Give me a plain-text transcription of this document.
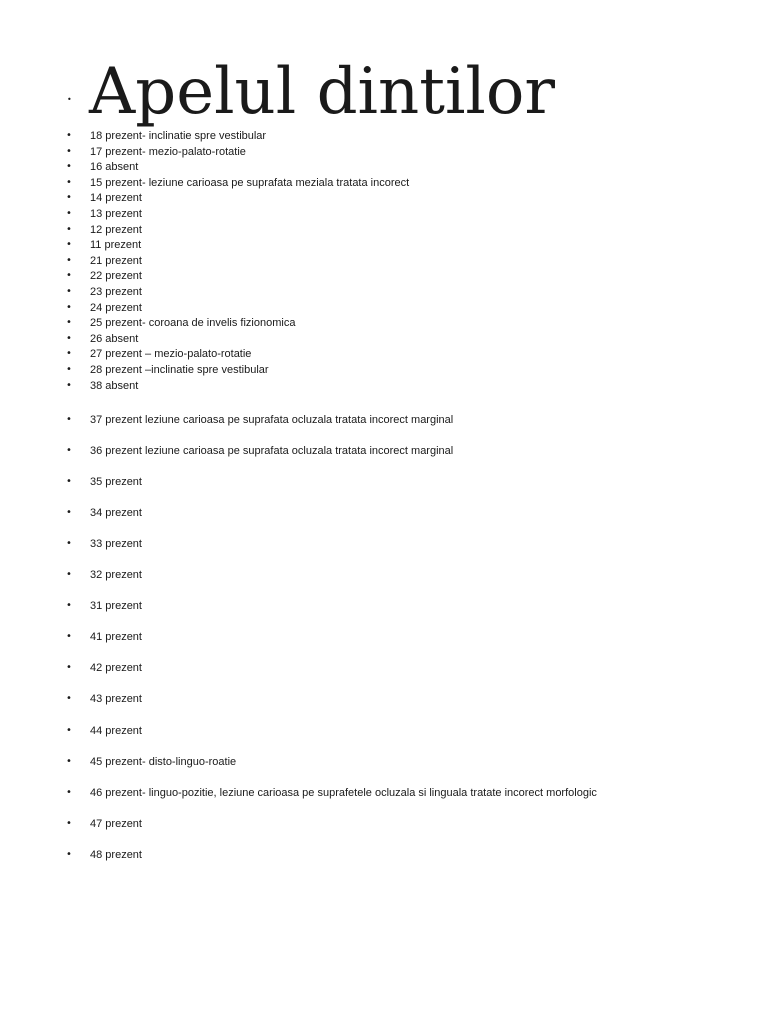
• Apelul dintilor
• 18 prezent- inclinatie spre vestibular
• 17 prezent- mezio-palato-rotatie
• 16 absent
• 15 prezent- leziune carioasa pe suprafata meziala tratata incorect
• 14 prezent
• 13 prezent
• 12 prezent
• 11 prezent
• 21 prezent
• 22 prezent
• 23 prezent
• 24 prezent
• 25 prezent- coroana de invelis fizionomica
• 26 absent
• 27 prezent – mezio-palato-rotatie
• 28 prezent –inclinatie spre vestibular
• 38 absent
• 37 prezent leziune carioasa pe suprafata ocluzala tratata incorect marginal
• 36 prezent leziune carioasa pe suprafata ocluzala tratata incorect marginal
• 35 prezent
• 34 prezent
• 33 prezent
• 32 prezent
• 31 prezent
• 41 prezent
• 42 prezent
• 43 prezent
• 44 prezent
• 45 prezent- disto-linguo-roatie
• 46 prezent- linguo-pozitie, leziune carioasa pe suprafetele ocluzala si linguala tratate incorect morfologic
• 47 prezent
• 48 prezent
